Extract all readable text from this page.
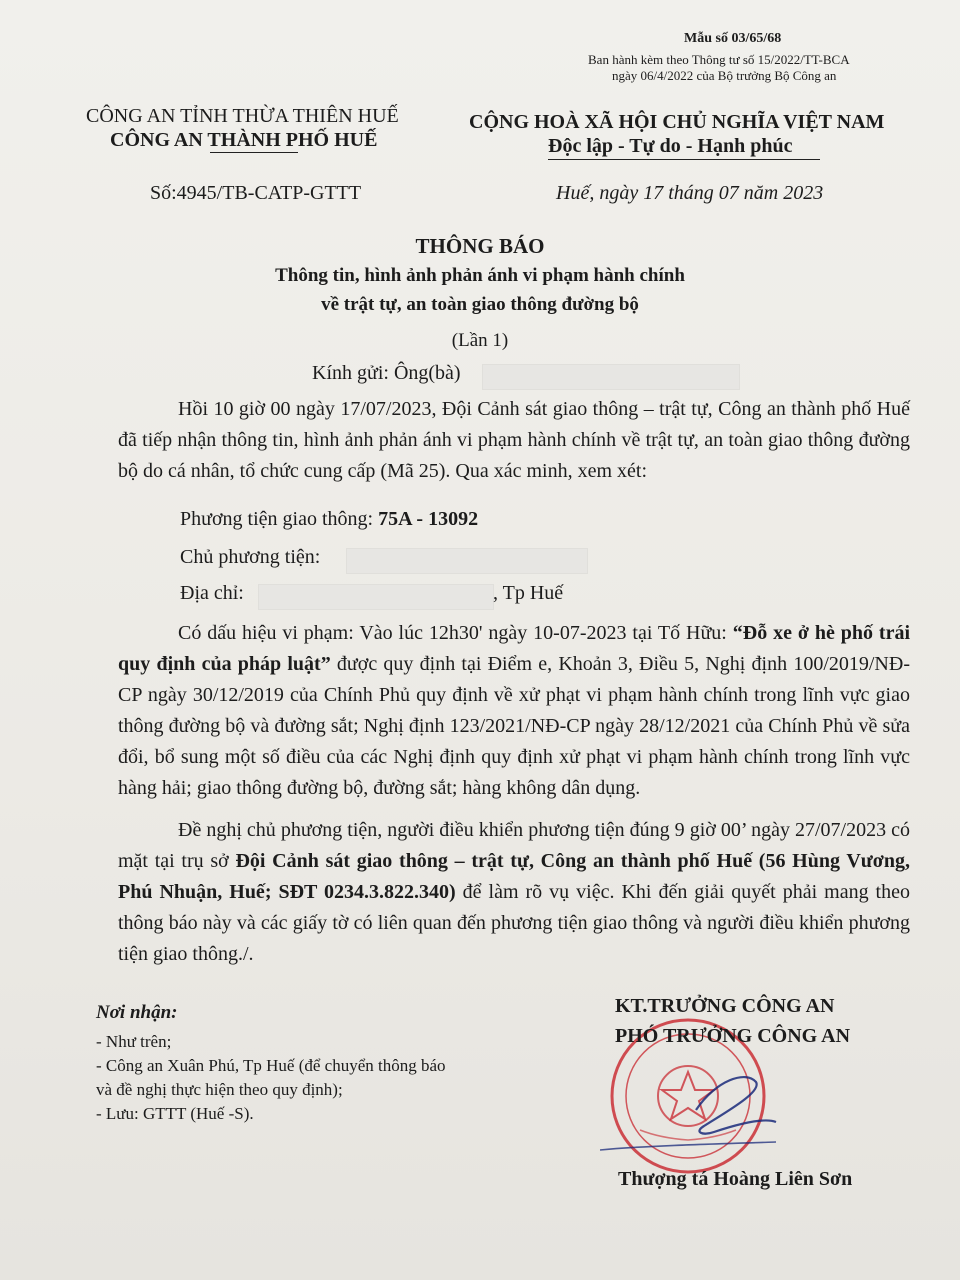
Mẫu số 03/65/68
Ban hành kèm theo Thông tư số 15/2022/TT-BCA
ngày 06/4/2022 của Bộ trưởng Bộ Công an
CÔNG AN TỈNH THỪA THIÊN HUẾ
CÔNG AN THÀNH PHỐ HUẾ
CỘNG HOÀ XÃ HỘI CHỦ NGHĨA VIỆT NAM
Độc lập - Tự do - Hạnh phúc
Số:4945/TB-CATP-GTTT	Huế, ngày 17 tháng 07 năm 2023
THÔNG BÁO
Thông tin, hình ảnh phản ánh vi phạm hành chính
về trật tự, an toàn giao thông đường bộ
(Lần 1)
Kính gửi: Ông(bà)

Hồi 10 giờ 00 ngày 17/07/2023, Đội Cảnh sát giao thông – trật tự, Công an thành phố Huế đã tiếp nhận thông tin, hình ảnh phản ánh vi phạm hành chính về trật tự, an toàn giao thông đường bộ do cá nhân, tổ chức cung cấp (Mã 25). Qua xác minh, xem xét:

Phương tiện giao thông: 75A - 13092
Chủ phương tiện:
Địa chỉ:	, Tp Huế

Có dấu hiệu vi phạm: Vào lúc 12h30' ngày 10-07-2023 tại Tố Hữu: “Đỗ xe ở hè phố trái quy định của pháp luật” được quy định tại Điểm e, Khoản 3, Điều 5, Nghị định 100/2019/NĐ-CP ngày 30/12/2019 của Chính Phủ quy định về xử phạt vi phạm hành chính trong lĩnh vực giao thông đường bộ và đường sắt; Nghị định 123/2021/NĐ-CP ngày 28/12/2021 của Chính Phủ về sửa đổi, bổ sung một số điều của các Nghị định quy định xử phạt vi phạm hành chính trong lĩnh vực hàng hải; giao thông đường bộ, đường sắt; hàng không dân dụng.

Đề nghị chủ phương tiện, người điều khiển phương tiện đúng 9 giờ 00’ ngày 27/07/2023 có mặt tại trụ sở Đội Cảnh sát giao thông – trật tự, Công an thành phố Huế (56 Hùng Vương, Phú Nhuận, Huế; SĐT 0234.3.822.340) để làm rõ vụ việc. Khi đến giải quyết phải mang theo thông báo này và các giấy tờ có liên quan đến phương tiện giao thông và người điều khiển phương tiện giao thông./.

Nơi nhận:
- Như trên;
- Công an Xuân Phú, Tp Huế (để chuyển thông báo
và đề nghị thực hiện theo quy định);
- Lưu: GTTT (Huế -S).
KT.TRƯỞNG CÔNG AN
PHÓ TRƯỞNG CÔNG AN
Thượng tá Hoàng Liên Sơn
